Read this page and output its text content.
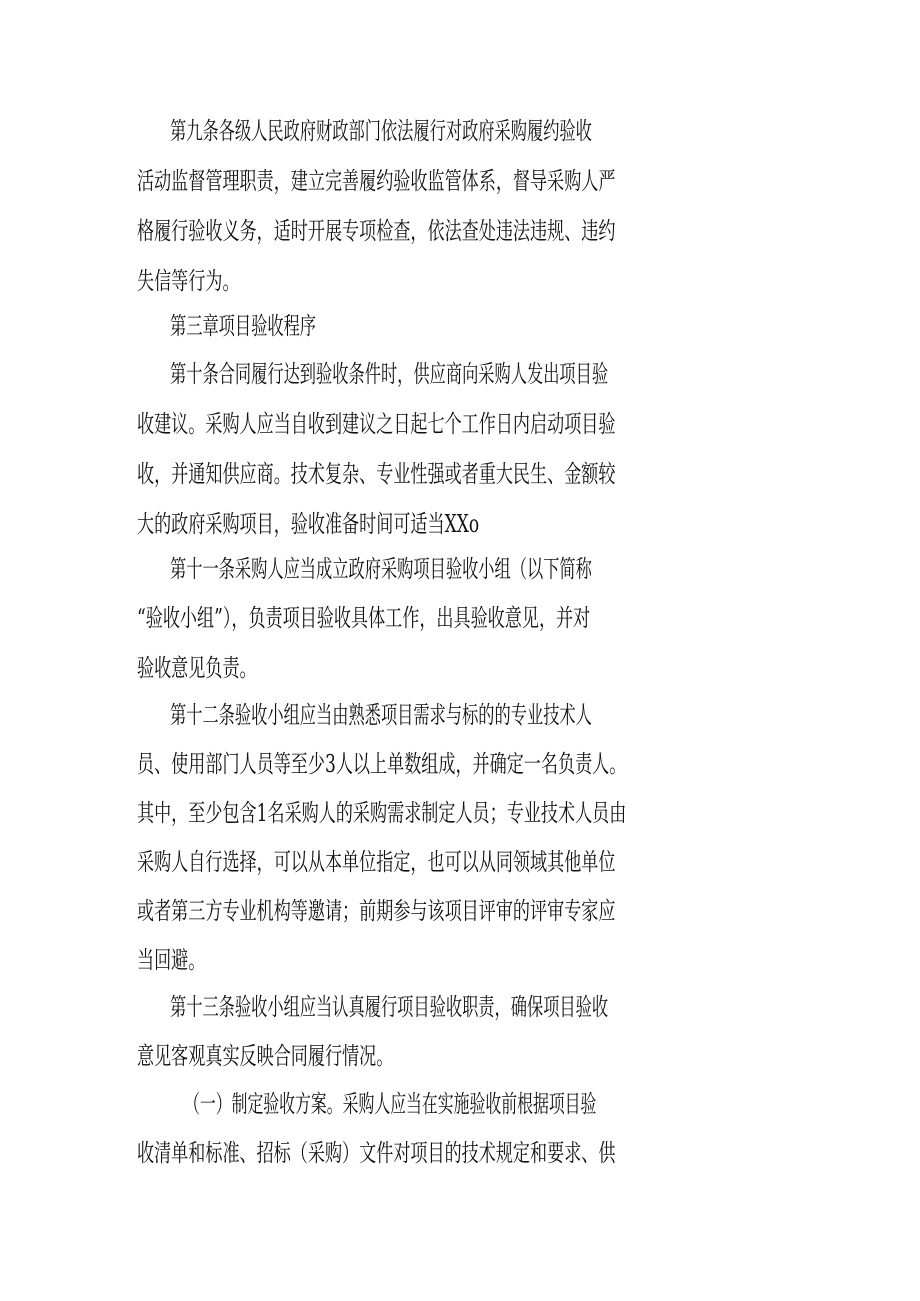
第九条各级人民政府财政部门依法履行对政府采购履约验收
活动监督管理职责，建立完善履约验收监管体系，督导采购人严
格履行验收义务，适时开展专项检查，依法查处违法违规、违约
失信等行为。
第三章项目验收程序
第十条合同履行达到验收条件时，供应商向采购人发出项目验
收建议。采购人应当自收到建议之日起七个工作日内启动项目验
收，并通知供应商。技术复杂、专业性强或者重大民生、金额较
大的政府采购项目，验收准备时间可适当XXo
第十一条采购人应当成立政府采购项目验收小组（以下简称
“验收小组”），负责项目验收具体工作，出具验收意见，并对
验收意见负责。
第十二条验收小组应当由熟悉项目需求与标的的专业技术人
员、使用部门人员等至少3人以上单数组成，并确定一名负责人。
其中，至少包含1名采购人的采购需求制定人员；专业技术人员由
采购人自行选择，可以从本单位指定，也可以从同领域其他单位
或者第三方专业机构等邀请；前期参与该项目评审的评审专家应
当回避。
第十三条验收小组应当认真履行项目验收职责，确保项目验收
意见客观真实反映合同履行情况。
（一）制定验收方案。采购人应当在实施验收前根据项目验
收清单和标准、招标（采购）文件对项目的技术规定和要求、供
